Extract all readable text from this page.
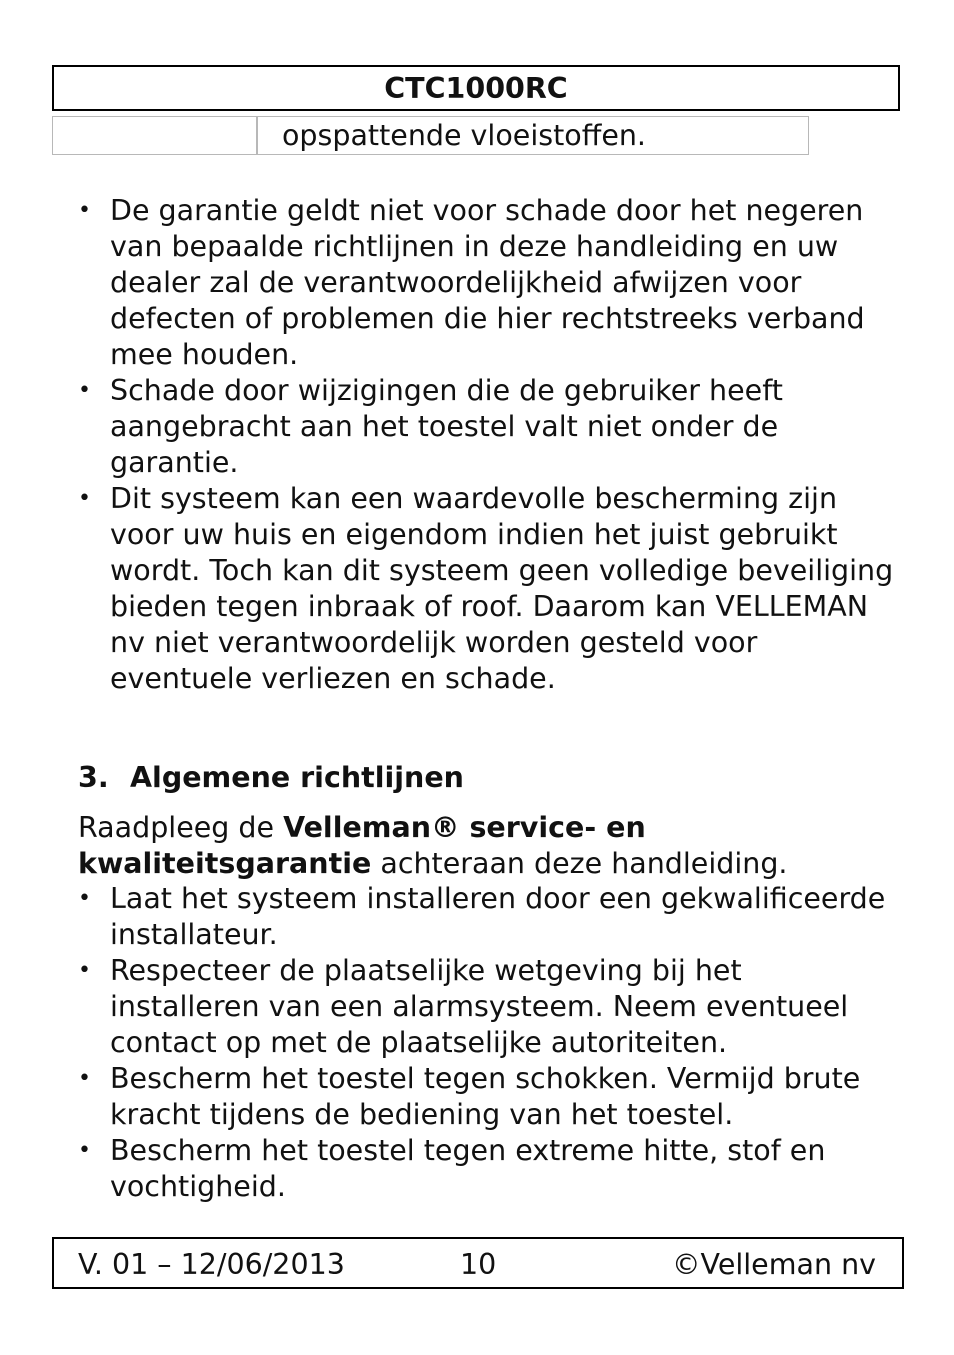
CTC1000RC
opspattende vloeistoffen.
• De garantie geldt niet voor schade door het negeren van bepaalde richtlijnen in deze handleiding en uw dealer zal de verantwoordelijkheid afwijzen voor defecten of problemen die hier rechtstreeks verband mee houden.
• Schade door wijzigingen die de gebruiker heeft aangebracht aan het toestel valt niet onder de garantie.
• Dit systeem kan een waardevolle bescherming zijn voor uw huis en eigendom indien het juist gebruikt wordt. Toch kan dit systeem geen volledige beveiliging bieden tegen inbraak of roof. Daarom kan VELLEMAN nv niet verantwoordelijk worden gesteld voor eventuele verliezen en schade.
3. Algemene richtlijnen

Raadpleeg de Velleman® service- en kwaliteitsgarantie achteraan deze handleiding.

• Laat het systeem installeren door een gekwalificeerde installateur.
• Respecteer de plaatselijke wetgeving bij het installeren van een alarmsysteem. Neem eventueel contact op met de plaatselijke autoriteiten.
• Bescherm het toestel tegen schokken. Vermijd brute kracht tijdens de bediening van het toestel.
• Bescherm het toestel tegen extreme hitte, stof en vochtigheid.
V. 01 – 12/06/2013	10	©Velleman nv
